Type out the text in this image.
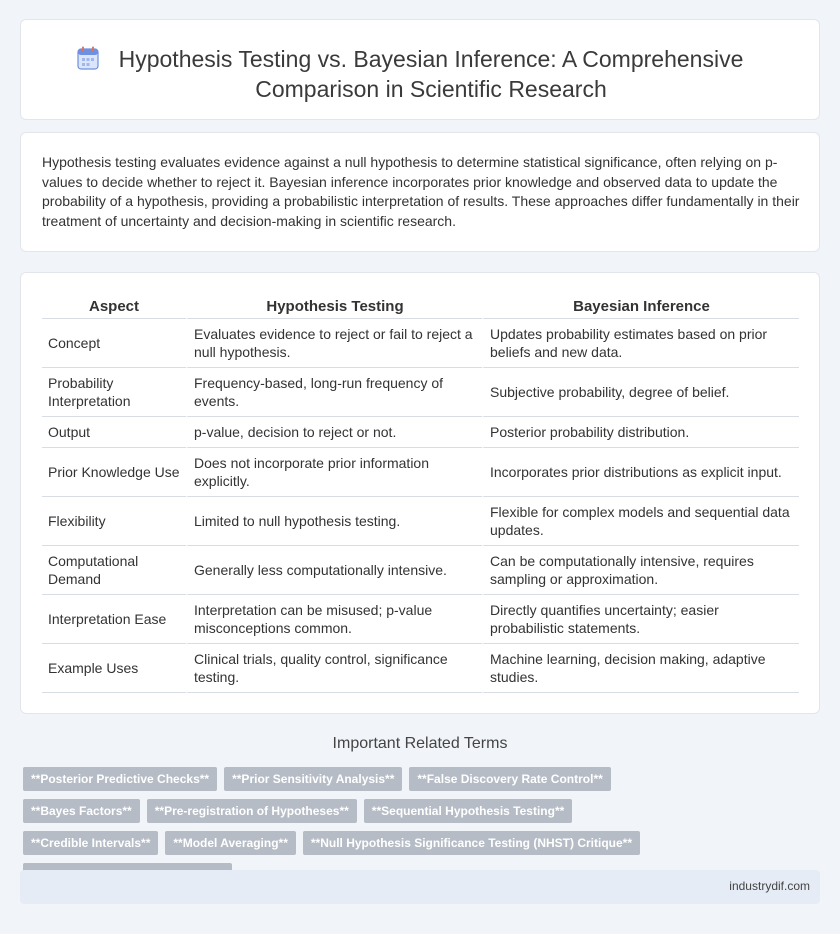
Hypothesis Testing vs. Bayesian Inference: A Comprehensive Comparison in Scientific Research

Hypothesis testing evaluates evidence against a null hypothesis to determine statistical significance, often relying on p-values to decide whether to reject it. Bayesian inference incorporates prior knowledge and observed data to update the probability of a hypothesis, providing a probabilistic interpretation of results. These approaches differ fundamentally in their treatment of uncertainty and decision-making in scientific research.

Aspect	Hypothesis Testing	Bayesian Inference
Concept	Evaluates evidence to reject or fail to reject a null hypothesis.	Updates probability estimates based on prior beliefs and new data.
Probability Interpretation	Frequency-based, long-run frequency of events.	Subjective probability, degree of belief.
Output	p-value, decision to reject or not.	Posterior probability distribution.
Prior Knowledge Use	Does not incorporate prior information explicitly.	Incorporates prior distributions as explicit input.
Flexibility	Limited to null hypothesis testing.	Flexible for complex models and sequential data updates.
Computational Demand	Generally less computationally intensive.	Can be computationally intensive, requires sampling or approximation.
Interpretation Ease	Interpretation can be misused; p-value misconceptions common.	Directly quantifies uncertainty; easier probabilistic statements.
Example Uses	Clinical trials, quality control, significance testing.	Machine learning, decision making, adaptive studies.
Important Related Terms
**Posterior Predictive Checks**	**Prior Sensitivity Analysis**	**False Discovery Rate Control**
**Bayes Factors**	**Pre-registration of Hypotheses**	**Sequential Hypothesis Testing**
**Credible Intervals**	**Model Averaging**	**Null Hypothesis Significance Testing (NHST) Critique**
industrydif.com
